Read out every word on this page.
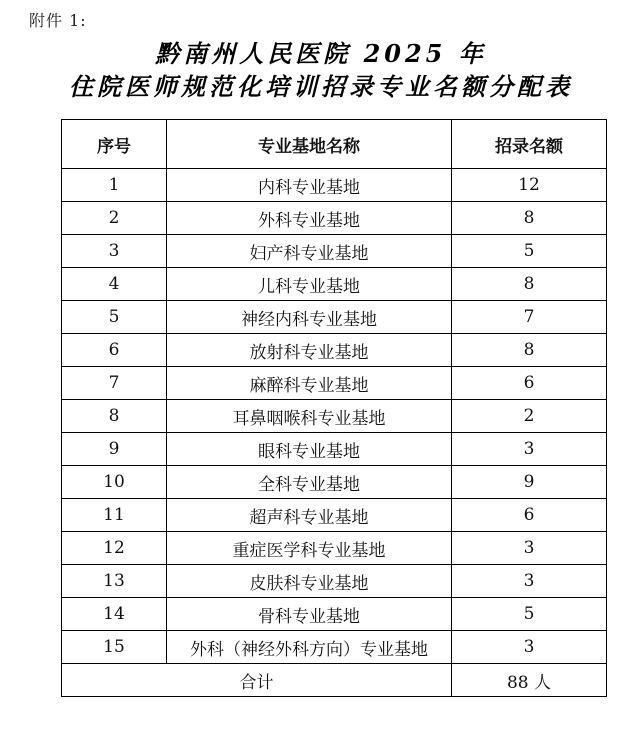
附件 1:
黔南州人民医院 2025 年
住院医师规范化培训招录专业名额分配表
序号	专业基地名称	招录名额
1	内科专业基地	12
2	外科专业基地	8
3	妇产科专业基地	5
4	儿科专业基地	8
5	神经内科专业基地	7
6	放射科专业基地	8
7	麻醉科专业基地	6
8	耳鼻咽喉科专业基地	2
9	眼科专业基地	3
10	全科专业基地	9
11	超声科专业基地	6
12	重症医学科专业基地	3
13	皮肤科专业基地	3
14	骨科专业基地	5
15	外科（神经外科方向）专业基地	3
合计		88 人
